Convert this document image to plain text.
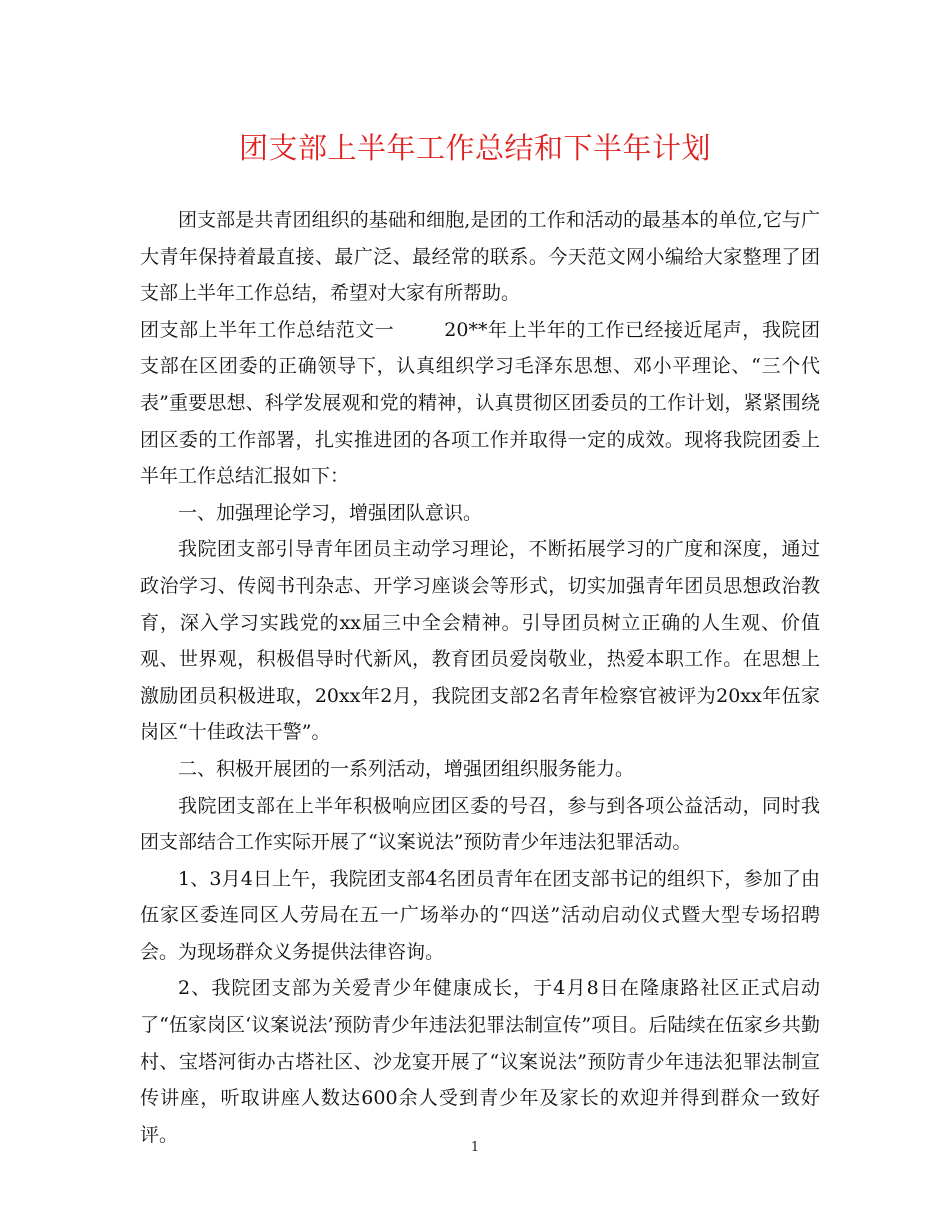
团支部上半年工作总结和下半年计划

团支部是共青团组织的基础和细胞,是团的工作和活动的最基本的单位,它与广大青年保持着最直接、最广泛、最经常的联系。今天范文网小编给大家整理了团支部上半年工作总结，希望对大家有所帮助。

团支部上半年工作总结范文一	20**年上半年的工作已经接近尾声，我院团支部在区团委的正确领导下，认真组织学习毛泽东思想、邓小平理论、“三个代表”重要思想、科学发展观和党的精神，认真贯彻区团委员的工作计划，紧紧围绕团区委的工作部署，扎实推进团的各项工作并取得一定的成效。现将我院团委上半年工作总结汇报如下：

一、加强理论学习，增强团队意识。

我院团支部引导青年团员主动学习理论，不断拓展学习的广度和深度，通过政治学习、传阅书刊杂志、开学习座谈会等形式，切实加强青年团员思想政治教育，深入学习实践党的xx届三中全会精神。引导团员树立正确的人生观、价值观、世界观，积极倡导时代新风，教育团员爱岗敬业，热爱本职工作。在思想上激励团员积极进取，20xx年2月，我院团支部2名青年检察官被评为20xx年伍家岗区“十佳政法干警”。

二、积极开展团的一系列活动，增强团组织服务能力。

我院团支部在上半年积极响应团区委的号召，参与到各项公益活动，同时我团支部结合工作实际开展了“议案说法”预防青少年违法犯罪活动。

1、3月4日上午，我院团支部4名团员青年在团支部书记的组织下，参加了由伍家区委连同区人劳局在五一广场举办的“四送”活动启动仪式暨大型专场招聘会。为现场群众义务提供法律咨询。

2、我院团支部为关爱青少年健康成长，于4月8日在隆康路社区正式启动了“伍家岗区‘议案说法’预防青少年违法犯罪法制宣传”项目。后陆续在伍家乡共勤村、宝塔河街办古塔社区、沙龙宴开展了“议案说法”预防青少年违法犯罪法制宣传讲座，听取讲座人数达600余人受到青少年及家长的欢迎并得到群众一致好评。

1
